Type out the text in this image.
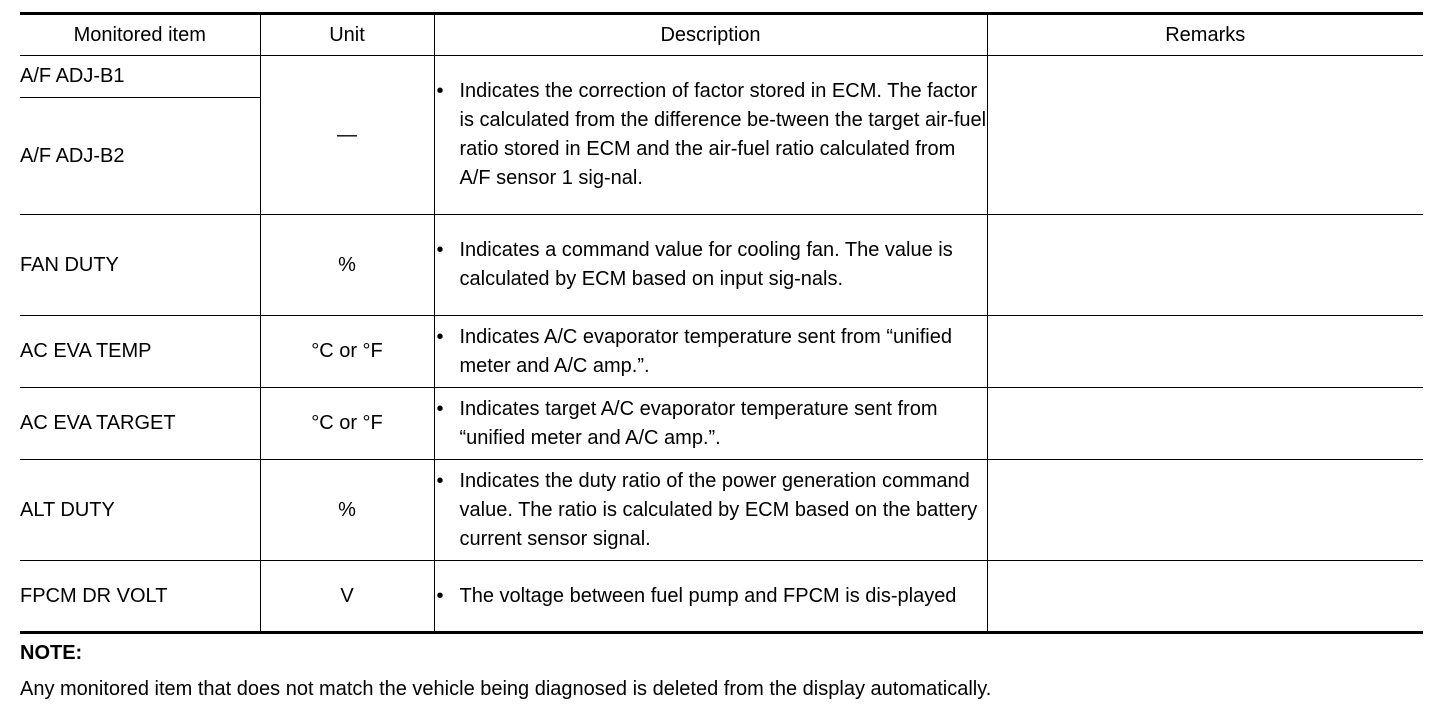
Monitored item	Unit	Description	Remarks
A/F ADJ-B1	—	• Indicates the correction of factor stored in ECM. The factor is calculated from the difference be-tween the target air-fuel ratio stored in ECM and the air-fuel ratio calculated from A/F sensor 1 sig-nal.

A/F ADJ-B2			
FAN DUTY	%	• Indicates a command value for cooling fan. The value is calculated by ECM based on input sig-nals.

AC EVA TEMP	°C or °F	• Indicates A/C evaporator temperature sent from “unified meter and A/C amp.”.

AC EVA TARGET	°C or °F	• Indicates target A/C evaporator temperature sent from “unified meter and A/C amp.”.

ALT DUTY	%	• Indicates the duty ratio of the power generation command value. The ratio is calculated by ECM based on the battery current sensor signal.

FPCM DR VOLT	V	• The voltage between fuel pump and FPCM is dis-played

NOTE:
Any monitored item that does not match the vehicle being diagnosed is deleted from the display automatically.
